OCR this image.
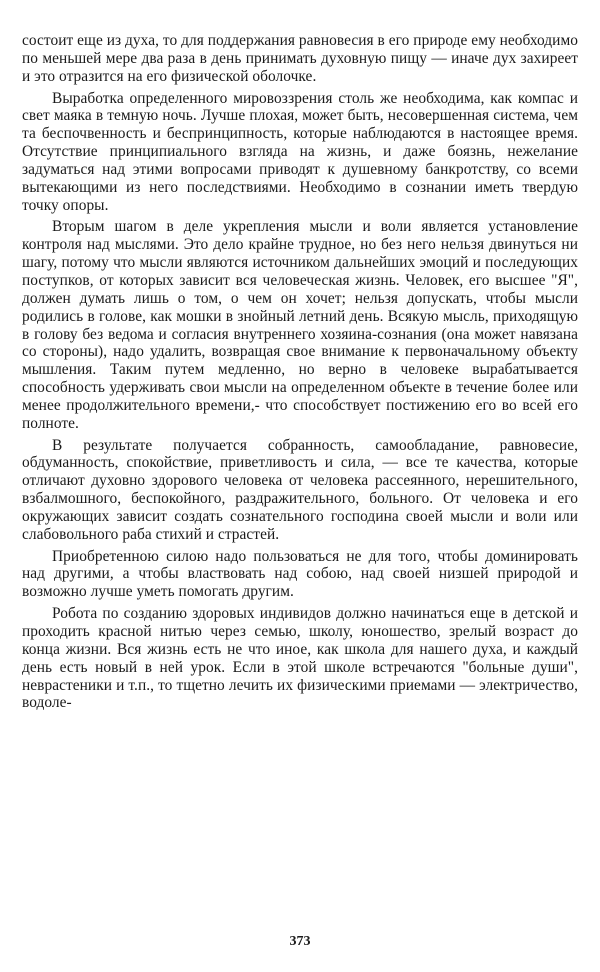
состоит еще из духа, то для поддержания равновесия в его природе ему необходимо по меньшей мере два раза в день принимать духовную пищу — иначе дух захиреет и это отразится на его физической оболочке.

Выработка определенного мировоззрения столь же необходима, как компас и свет маяка в темную ночь. Лучше плохая, может быть, несовершенная система, чем та беспочвенность и беспринципность, которые наблюдаются в настоящее время. Отсутствие принципиального взгляда на жизнь, и даже боязнь, нежелание задуматься над этими вопросами приводят к душевному банкротству, со всеми вытекающими из него последствиями. Необходимо в сознании иметь твердую точку опоры.

Вторым шагом в деле укрепления мысли и воли является установление контроля над мыслями. Это дело крайне трудное, но без него нельзя двинуться ни шагу, потому что мысли являются источником дальнейших эмоций и последующих поступков, от которых зависит вся человеческая жизнь. Человек, его высшее "Я", должен думать лишь о том, о чем он хочет; нельзя допускать, чтобы мысли родились в голове, как мошки в знойный летний день. Всякую мысль, приходящую в голову без ведома и согласия внутреннего хозяина-сознания (она может навязана со стороны), надо удалить, возвращая свое внимание к первоначальному объекту мышления. Таким путем медленно, но верно в человеке вырабатывается способность удерживать свои мысли на определенном объекте в течение более или менее продолжительного времени,- что способствует постижению его во всей его полноте.

В результате получается собранность, самообладание, равновесие, обдуманность, спокойствие, приветливость и сила, — все те качества, которые отличают духовно здорового человека от человека рассеянного, нерешительного, взбалмошного, беспокойного, раздражительного, больного. От человека и его окружающих зависит создать сознательного господина своей мысли и воли или слабовольного раба стихий и страстей.

Приобретенною силою надо пользоваться не для того, чтобы доминировать над другими, а чтобы властвовать над собою, над своей низшей природой и возможно лучше уметь помогать другим.

Робота по созданию здоровых индивидов должно начинаться еще в детской и проходить красной нитью через семью, школу, юношество, зрелый возраст до конца жизни. Вся жизнь есть не что иное, как школа для нашего духа, и каждый день есть новый в ней урок. Если в этой школе встречаются "больные души", неврастеники и т.п., то тщетно лечить их физическими приемами — электричество, водоле-

373
